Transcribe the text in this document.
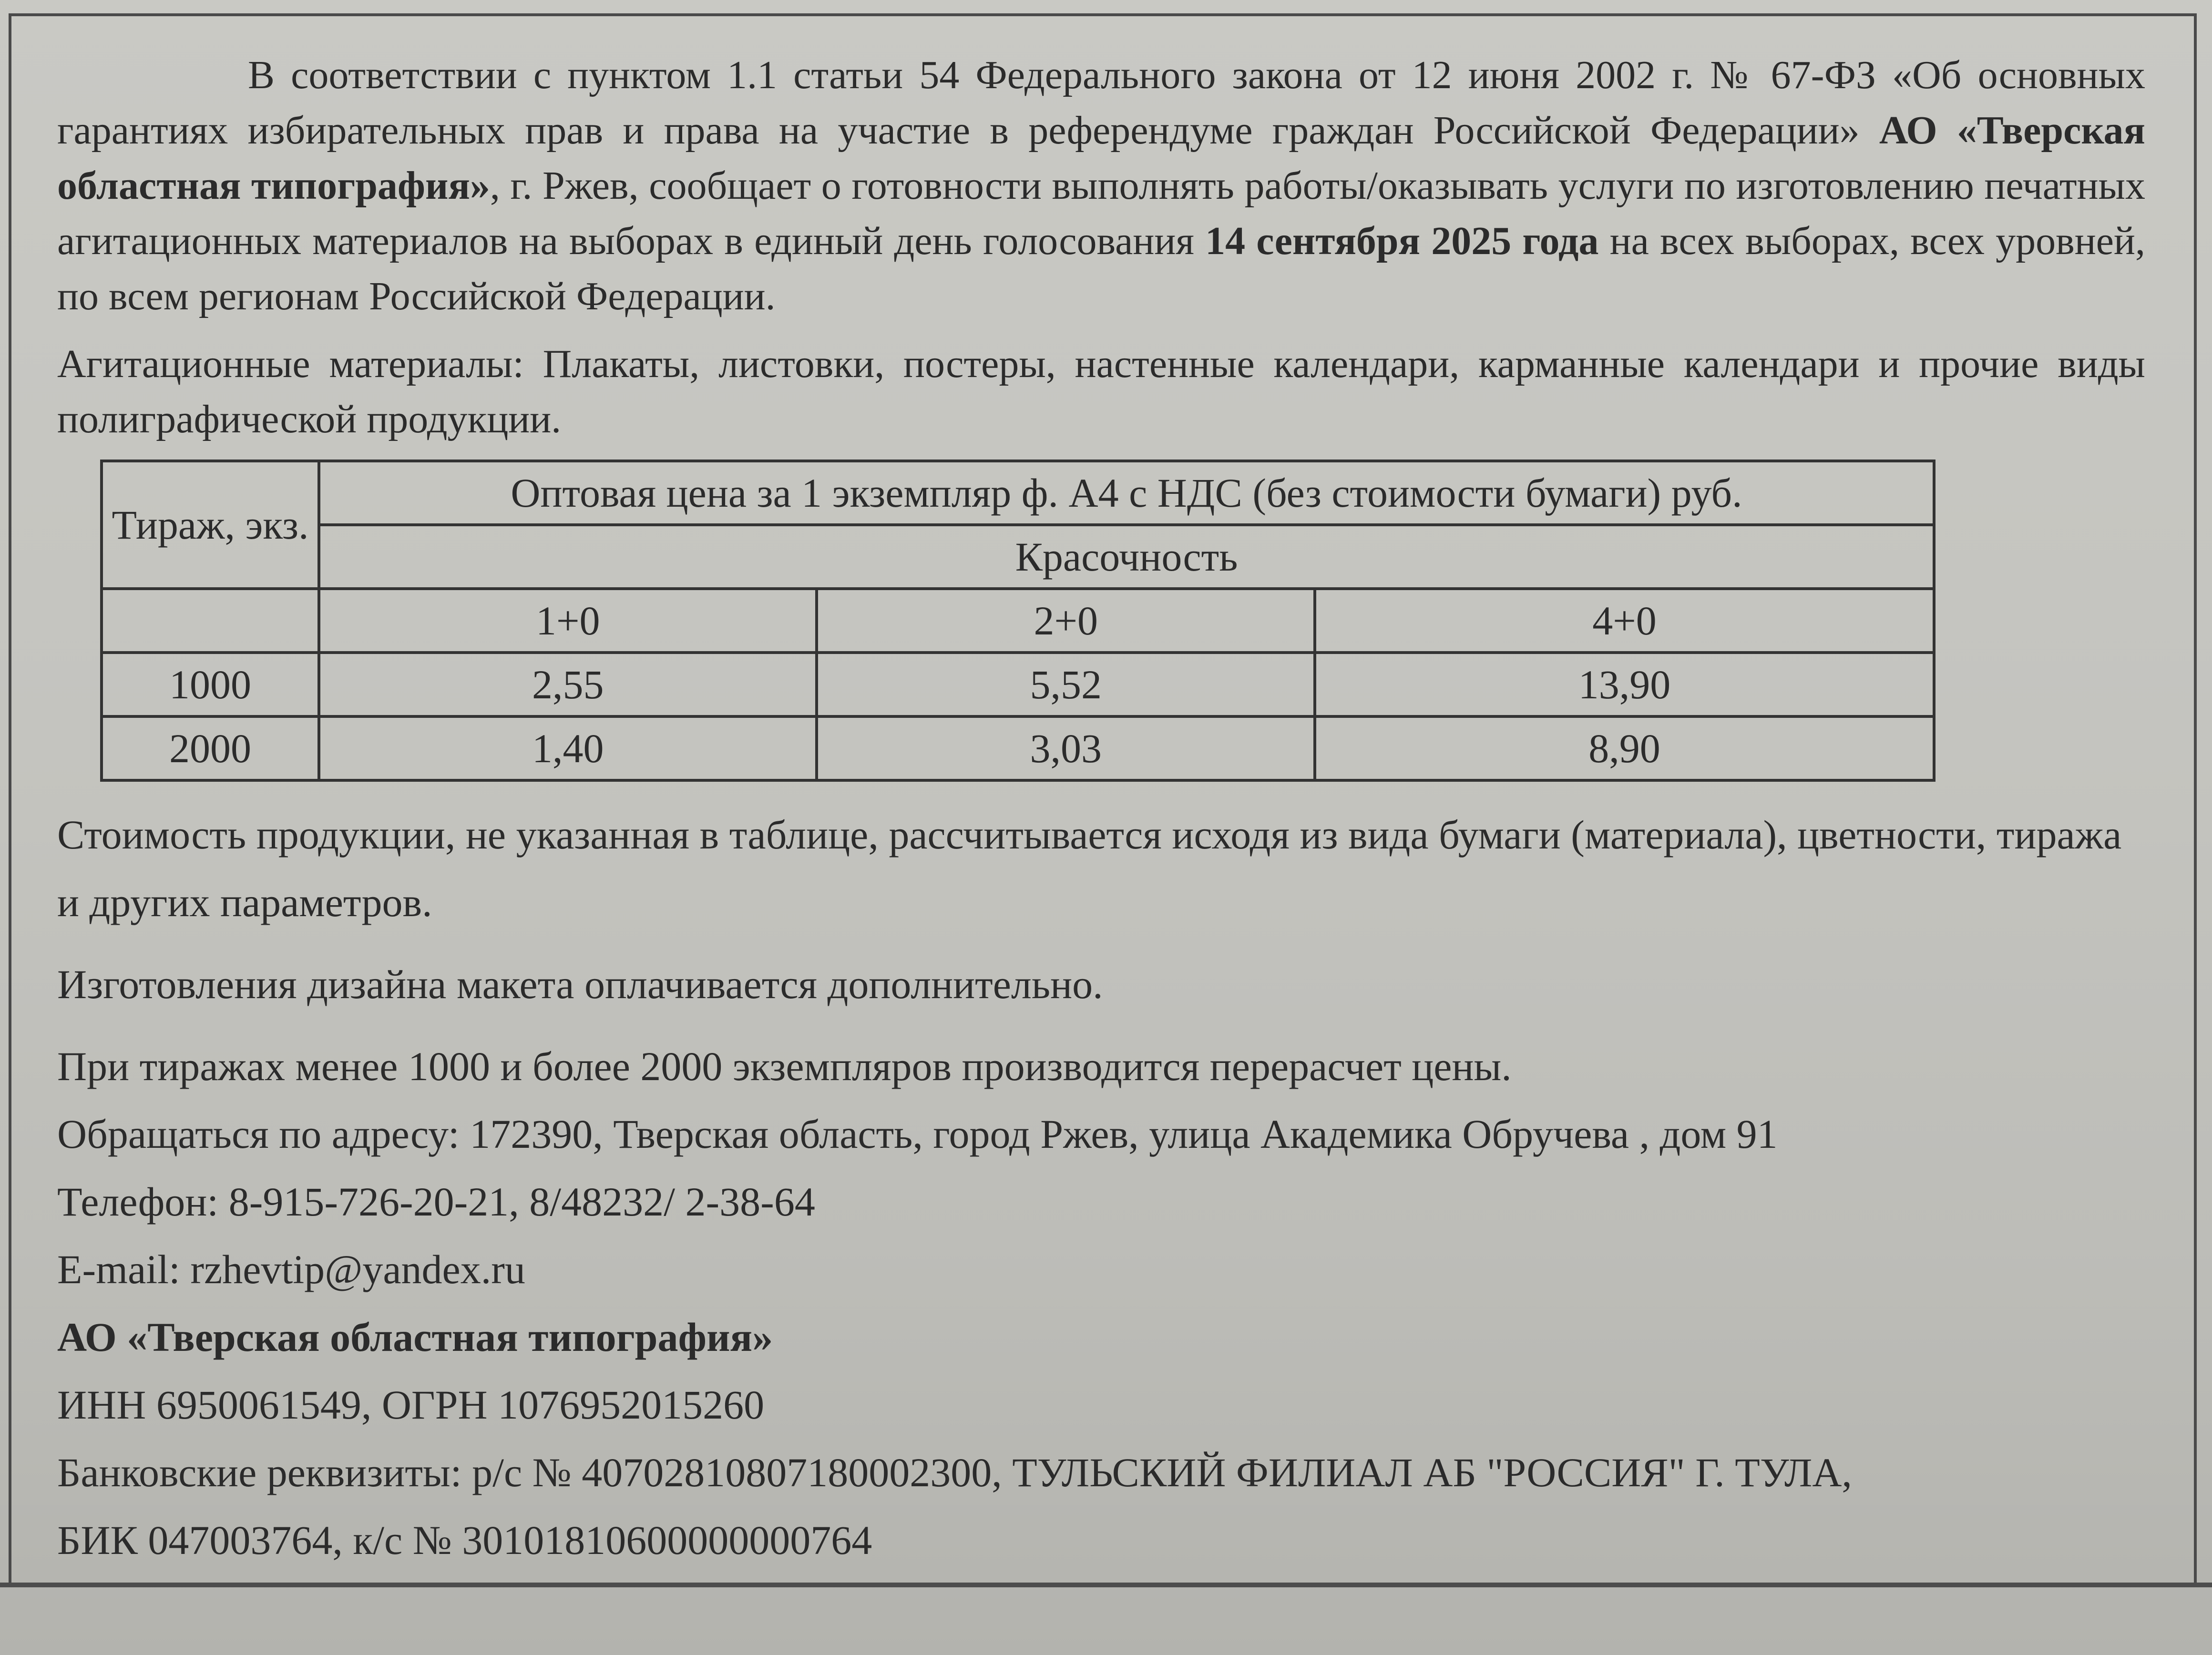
В соответствии с пунктом 1.1 статьи 54 Федерального закона от 12 июня 2002 г. № 67-ФЗ «Об основных гарантиях избирательных прав и права на участие в референдуме граждан Российской Федерации» АО «Тверская областная типография», г. Ржев, сообщает о готовности выполнять работы/оказывать услуги по изготовлению печатных агитационных материалов на выборах в единый день голосования 14 сентября 2025 года на всех выборах, всех уровней, по всем регионам Российской Федерации.

Агитационные материалы: Плакаты, листовки, постеры, настенные календари, карманные календари и прочие виды полиграфической продукции.

Тираж, экз.	Оптовая цена за 1 экземпляр ф. А4 с НДС (без стоимости бумаги) руб.		
	Красочность		
	1+0	2+0	4+0
1000	2,55	5,52	13,90
2000	1,40	3,03	8,90

Стоимость продукции, не указанная в таблице, рассчитывается исходя из вида бумаги (материала), цветности, тиража и других параметров.

Изготовления дизайна макета оплачивается дополнительно.

При тиражах менее 1000 и более 2000 экземпляров производится перерасчет цены.

Обращаться по адресу: 172390, Тверская область, город Ржев, улица Академика Обручева , дом 91

Телефон: 8-915-726-20-21, 8/48232/ 2-38-64

E-mail: rzhevtip@yandex.ru

АО «Тверская областная типография»

ИНН 6950061549, ОГРН 1076952015260

Банковские реквизиты: р/с № 40702810807180002300, ТУЛЬСКИЙ ФИЛИАЛ АБ "РОССИЯ" Г. ТУЛА,

БИК 047003764, к/с № 30101810600000000764
